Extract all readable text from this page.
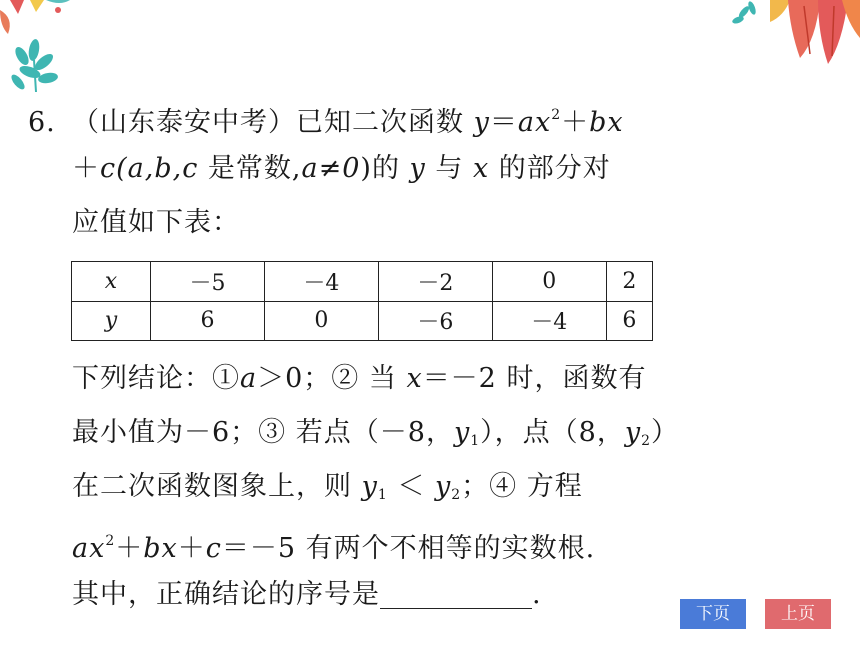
6. （山东泰安中考）已知二次函数 $y=ax^2+bx$
＋c(a,b,c 是常数,a≠0)的 y 与 x 的部分对
应值如下表：
x	－5	－4	－2	0	2
y	6	0	－6	－4	6
下列结论：①a＞0；② 当 x＝－2 时，函数有
最小值为－6；③ 若点（－8，$y_1$），点（8，$y_2$）
在二次函数图象上，则 $y_1 < y_2$；④ 方程
$ax^2+bx+c=-5$ 有两个不相等的实数根.
其中，正确结论的序号是	.
下页	上页
